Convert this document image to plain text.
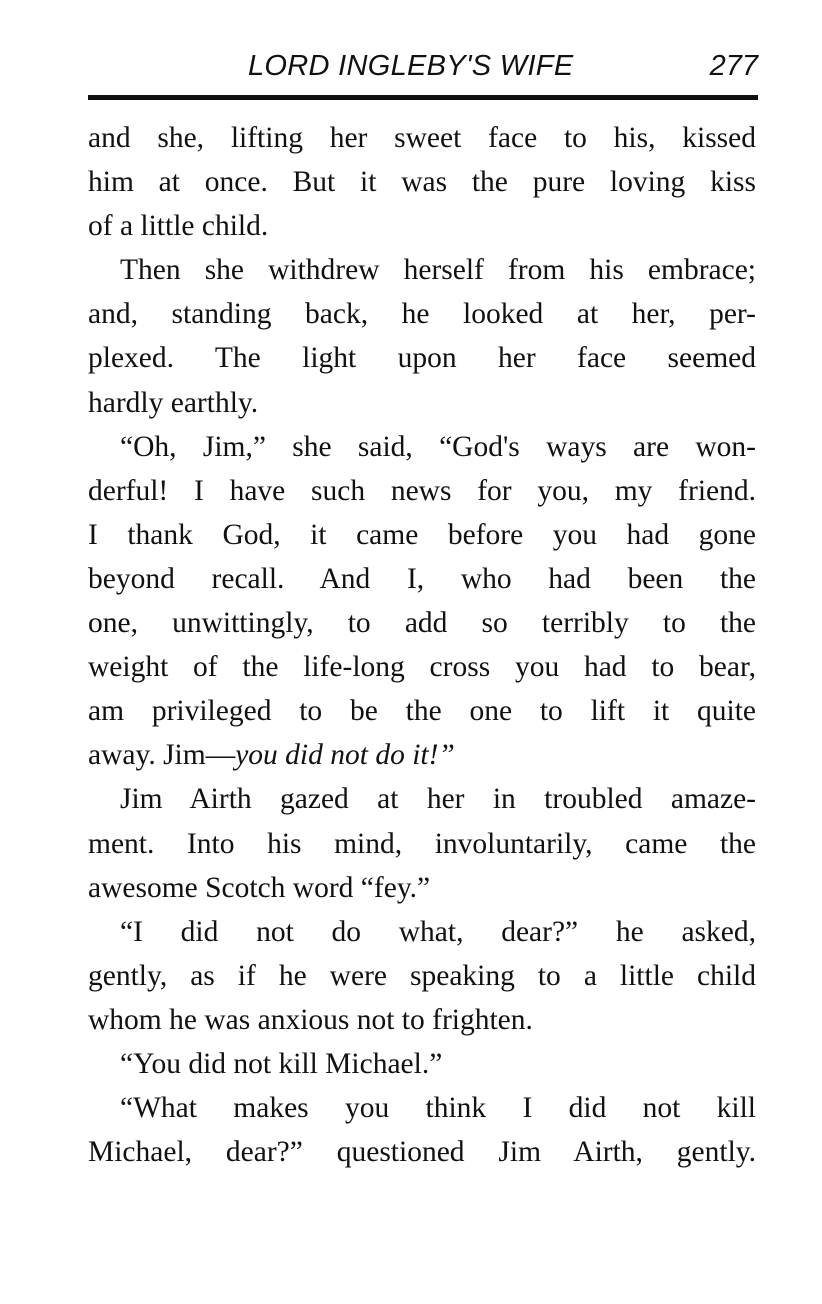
LORD INGLEBY'S WIFE	277

and she, lifting her sweet face to his, kissed
him at once. But it was the pure loving kiss
of a little child.

Then she withdrew herself from his embrace;
and, standing back, he looked at her, per-
plexed. The light upon her face seemed
hardly earthly.

“Oh, Jim,” she said, “God's ways are won-
derful! I have such news for you, my friend.
I thank God, it came before you had gone
beyond recall. And I, who had been the
one, unwittingly, to add so terribly to the
weight of the life-long cross you had to bear,
am privileged to be the one to lift it quite
away. Jim—you did not do it!”

Jim Airth gazed at her in troubled amaze-
ment. Into his mind, involuntarily, came the
awesome Scotch word “fey.”

“I did not do what, dear?” he asked,
gently, as if he were speaking to a little child
whom he was anxious not to frighten.

“You did not kill Michael.”

“What makes you think I did not kill
Michael, dear?” questioned Jim Airth, gently.
